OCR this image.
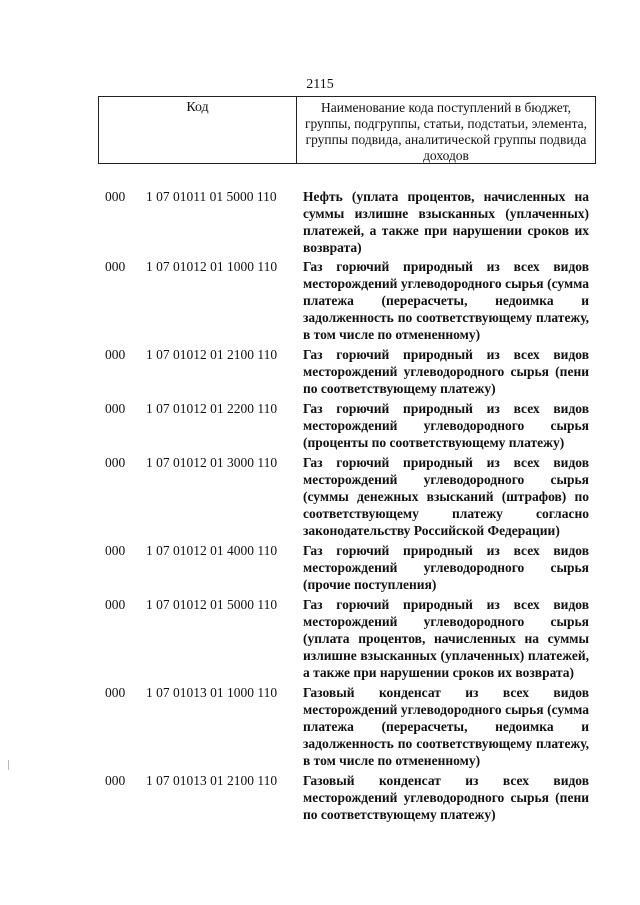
2115
Код	Наименование кода поступлений в бюджет, группы, подгруппы, статьи, подстатьи, элемента, группы подвида, аналитической группы подвида доходов
000 1 07 01011 01 5000 110 Нефть (уплата процентов, начисленных на суммы излишне взысканных (уплаченных) платежей, а также при нарушении сроков их возврата)
000 1 07 01012 01 1000 110 Газ горючий природный из всех видов месторождений углеводородного сырья (сумма платежа (перерасчеты, недоимка и задолженность по соответствующему платежу, в том числе по отмененному)
000 1 07 01012 01 2100 110 Газ горючий природный из всех видов месторождений углеводородного сырья (пени по соответствующему платежу)
000 1 07 01012 01 2200 110 Газ горючий природный из всех видов месторождений углеводородного сырья (проценты по соответствующему платежу)
000 1 07 01012 01 3000 110 Газ горючий природный из всех видов месторождений углеводородного сырья (суммы денежных взысканий (штрафов) по соответствующему платежу согласно законодательству Российской Федерации)
000 1 07 01012 01 4000 110 Газ горючий природный из всех видов месторождений углеводородного сырья (прочие поступления)
000 1 07 01012 01 5000 110 Газ горючий природный из всех видов месторождений углеводородного сырья (уплата процентов, начисленных на суммы излишне взысканных (уплаченных) платежей, а также при нарушении сроков их возврата)
000 1 07 01013 01 1000 110 Газовый конденсат из всех видов месторождений углеводородного сырья (сумма платежа (перерасчеты, недоимка и задолженность по соответствующему платежу, в том числе по отмененному)
000 1 07 01013 01 2100 110 Газовый конденсат из всех видов месторождений углеводородного сырья (пени по соответствующему платежу)
